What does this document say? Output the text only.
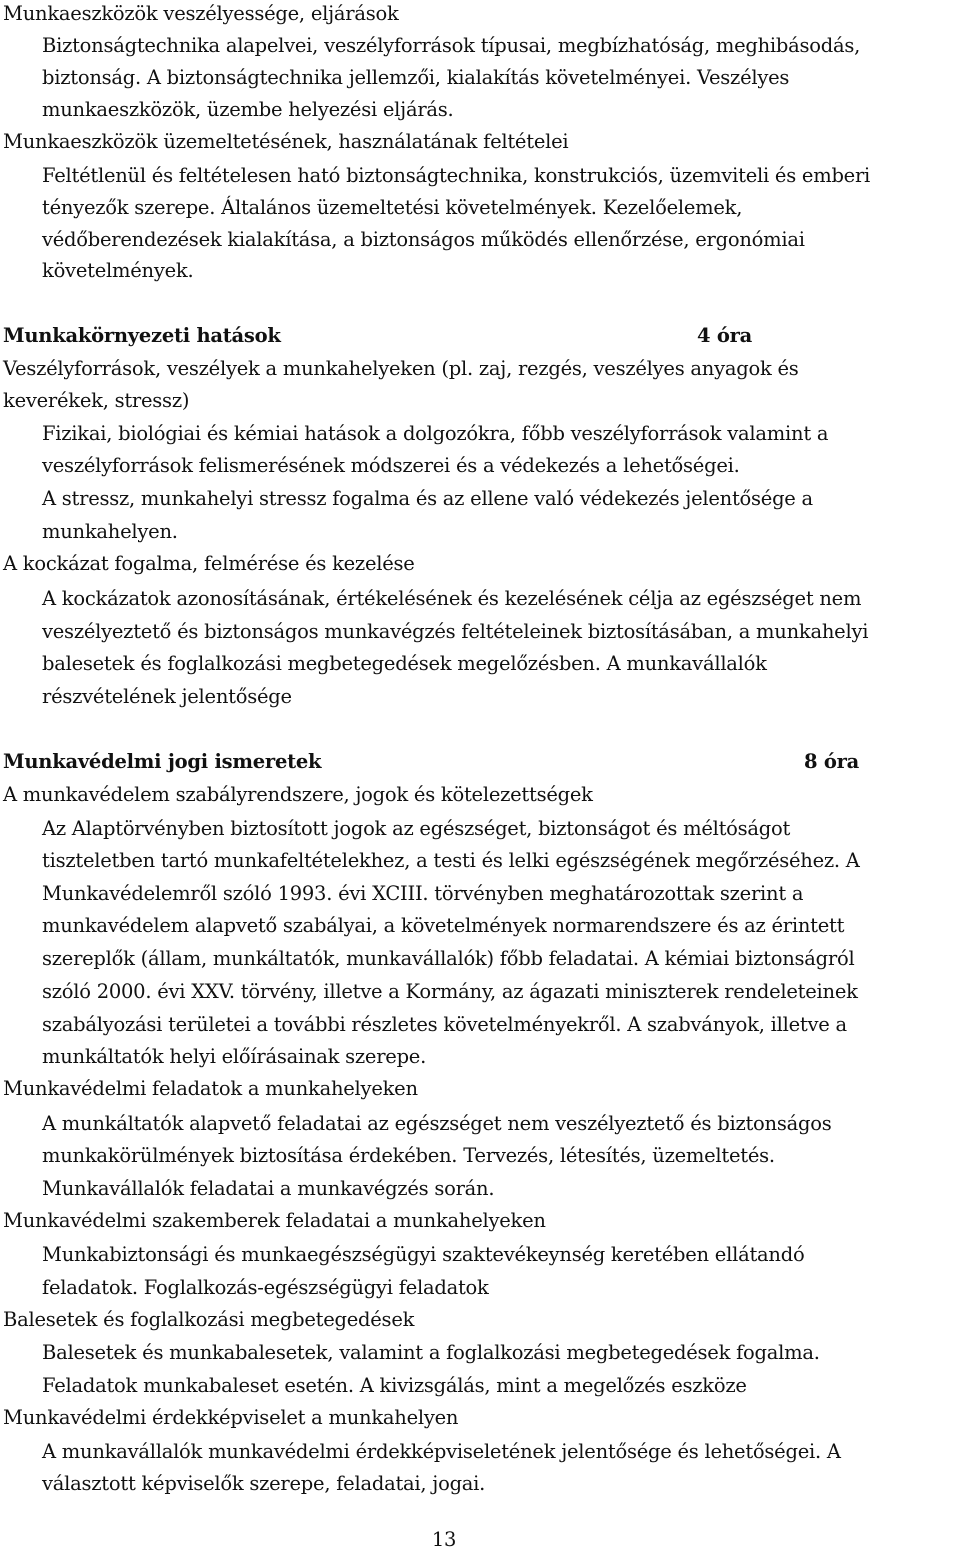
Munkaeszközök veszélyessége, eljárások
Biztonságtechnika alapelvei, veszélyforrások típusai, megbízhatóság, meghibásodás,
biztonság. A biztonságtechnika jellemzői, kialakítás követelményei. Veszélyes
munkaeszközök, üzembe helyezési eljárás.
Munkaeszközök üzemeltetésének, használatának feltételei
Feltétlenül és feltételesen ható biztonságtechnika, konstrukciós, üzemviteli és emberi
tényezők szerepe. Általános üzemeltetési követelmények. Kezelőelemek,
védőberendezések kialakítása, a biztonságos működés ellenőrzése, ergonómiai
követelmények.
Munkakörnyezeti hatások	4 óra
Veszélyforrások, veszélyek a munkahelyeken (pl. zaj, rezgés, veszélyes anyagok és
keverékek, stressz)
Fizikai, biológiai és kémiai hatások a dolgozókra, főbb veszélyforrások valamint a
veszélyforrások felismerésének módszerei és a védekezés a lehetőségei.
A stressz, munkahelyi stressz fogalma és az ellene való védekezés jelentősége a
munkahelyen.
A kockázat fogalma, felmérése és kezelése
A kockázatok azonosításának, értékelésének és kezelésének célja az egészséget nem
veszélyeztető és biztonságos munkavégzés feltételeinek biztosításában, a munkahelyi
balesetek és foglalkozási megbetegedések megelőzésben. A munkavállalók
részvételének jelentősége
Munkavédelmi jogi ismeretek	8 óra
A munkavédelem szabályrendszere, jogok és kötelezettségek
Az Alaptörvényben biztosított jogok az egészséget, biztonságot és méltóságot
tiszteletben tartó munkafeltételekhez, a testi és lelki egészségének megőrzéséhez. A
Munkavédelemről szóló 1993. évi XCIII. törvényben meghatározottak szerint a
munkavédelem alapvető szabályai, a követelmények normarendszere és az érintett
szereplők (állam, munkáltatók, munkavállalók) főbb feladatai. A kémiai biztonságról
szóló 2000. évi XXV. törvény, illetve a Kormány, az ágazati miniszterek rendeleteinek
szabályozási területei a további részletes követelményekről. A szabványok, illetve a
munkáltatók helyi előírásainak szerepe.
Munkavédelmi feladatok a munkahelyeken
A munkáltatók alapvető feladatai az egészséget nem veszélyeztető és biztonságos
munkakörülmények biztosítása érdekében. Tervezés, létesítés, üzemeltetés.
Munkavállalók feladatai a munkavégzés során.
Munkavédelmi szakemberek feladatai a munkahelyeken
Munkabiztonsági és munkaegészségügyi szaktevékeynség keretében ellátandó
feladatok. Foglalkozás-egészségügyi feladatok
Balesetek és foglalkozási megbetegedések
Balesetek és munkabalesetek, valamint a foglalkozási megbetegedések fogalma.
Feladatok munkabaleset esetén. A kivizsgálás, mint a megelőzés eszköze
Munkavédelmi érdekképviselet a munkahelyen
A munkavállalók munkavédelmi érdekképviseletének jelentősége és lehetőségei. A
választott képviselők szerepe, feladatai, jogai.
13
